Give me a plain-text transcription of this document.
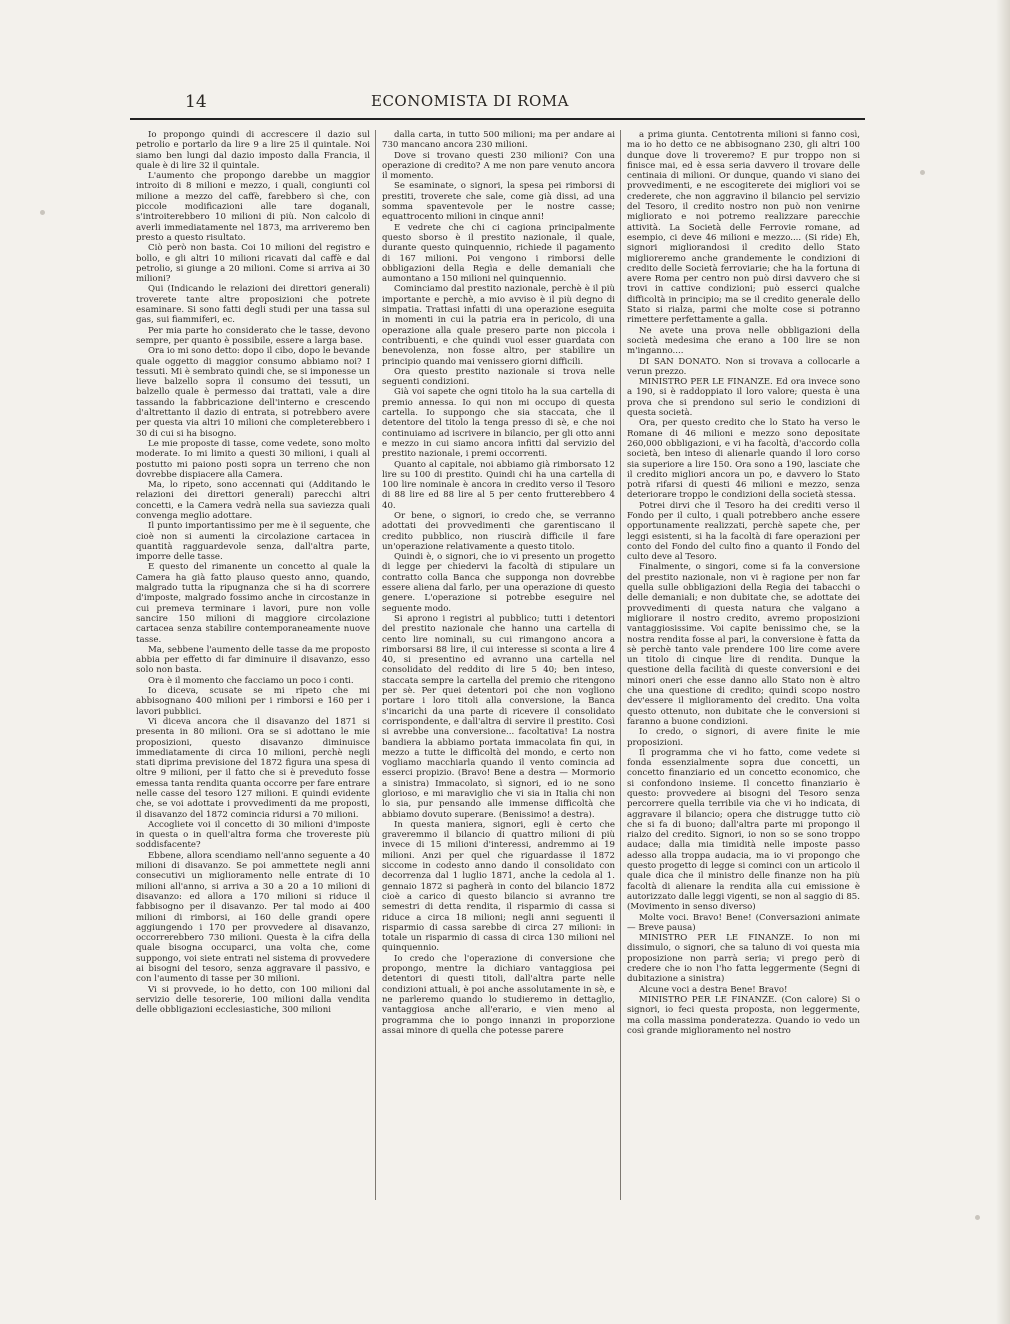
14	ECONOMISTA DI ROMA

Io propongo quindi di accrescere il dazio sul petrolio e portarlo da lire 9 a lire 25 il quintale. Noi siamo ben lungi dal dazio imposto dalla Francia, il quale è di lire 32 il quintale.

L'aumento che propongo darebbe un maggior introito di 8 milioni e mezzo, i quali, congiunti col milione a mezzo del caffè, farebbero sì che, con piccole modificazioni alle tare doganali, s'introiterebbero 10 milioni di più. Non calcolo di averli immediatamente nel 1873, ma arriveremo ben presto a questo risultato.

Ciò però non basta. Coi 10 milioni del registro e bollo, e gli altri 10 milioni ricavati dal caffè e dal petrolio, si giunge a 20 milioni. Come si arriva ai 30 milioni?

Qui (Indicando le relazioni dei direttori generali) troverete tante altre proposizioni che potrete esaminare. Si sono fatti degli studi per una tassa sul gas, sui fiammiferi, ec.

Per mia parte ho considerato che le tasse, devono sempre, per quanto è possibile, essere a larga base.

Ora io mi sono detto: dopo il cibo, dopo le bevande quale oggetto di maggior consumo abbiamo noi? I tessuti. Mi è sembrato quindi che, se si imponesse un lieve balzello sopra il consumo dei tessuti, un balzello quale è permesso dai trattati, vale a dire tassando la fabbricazione dell'interno e crescendo d'altrettanto il dazio di entrata, si potrebbero avere per questa via altri 10 milioni che completerebbero i 30 di cui si ha bisogno.

Le mie proposte di tasse, come vedete, sono molto moderate. Io mi limito a questi 30 milioni, i quali al postutto mi paiono posti sopra un terreno che non dovrebbe dispiacere alla Camera.

Ma, lo ripeto, sono accennati qui (Additando le relazioni dei direttori generali) parecchi altri concetti, e la Camera vedrà nella sua saviezza quali convenga meglio adottare.

Il punto importantissimo per me è il seguente, che cioè non si aumenti la circolazione cartacea in quantità ragguardevole senza, dall'altra parte, imporre delle tasse.

E questo del rimanente un concetto al quale la Camera ha già fatto plauso questo anno, quando, malgrado tutta la ripugnanza che si ha di scorrere d'imposte, malgrado fossimo anche in circostanze in cui premeva terminare i lavori, pure non volle sancire 150 milioni di maggiore circolazione cartacea senza stabilire contemporaneamente nuove tasse.

Ma, sebbene l'aumento delle tasse da me proposto abbia per effetto di far diminuire il disavanzo, esso solo non basta.

Ora è il momento che facciamo un poco i conti.

Io diceva, scusate se mi ripeto che mi abbisognano 400 milioni per i rimborsi e 160 per i lavori pubblici.

Vi diceva ancora che il disavanzo del 1871 si presenta in 80 milioni. Ora se si adottano le mie proposizioni, questo disavanzo diminuisce immediatamente di circa 10 milioni, perchè negli stati diprima previsione del 1872 figura una spesa di oltre 9 milioni, per il fatto che si è preveduto fosse emessa tanta rendita quanta occorre per fare entrare nelle casse del tesoro 127 milioni. E quindi evidente che, se voi adottate i provvedimenti da me proposti, il disavanzo del 1872 comincia ridursi a 70 milioni.

Accogliete voi il concetto di 30 milioni d'imposte in questa o in quell'altra forma che trovereste più soddisfacente?

Ebbene, allora scendiamo nell'anno seguente a 40 milioni di disavanzo. Se poi ammettete negli anni consecutivi un miglioramento nelle entrate di 10 milioni all'anno, si arriva a 30 a 20 a 10 milioni di disavanzo: ed allora a 170 milioni si riduce il fabbisogno per il disavanzo. Per tal modo ai 400 milioni di rimborsi, ai 160 delle grandi opere aggiungendo i 170 per provvedere al disavanzo, occorrerebbero 730 milioni. Questa è la cifra della quale bisogna occuparci, una volta che, come suppongo, voi siete entrati nel sistema di provvedere ai bisogni del tesoro, senza aggravare il passivo, e con l'aumento di tasse per 30 milioni.

Vi si provvede, io ho detto, con 100 milioni dal servizio delle tesorerie, 100 milioni dalla vendita delle obbligazioni ecclesiastiche, 300 milioni

dalla carta, in tutto 500 milioni; ma per andare ai 730 mancano ancora 230 milioni.

Dove si trovano questi 230 milioni? Con una operazione di credito? A me non pare venuto ancora il momento.

Se esaminate, o signori, la spesa pei rimborsi di prestiti, troverete che sale, come già dissi, ad una somma spaventevole per le nostre casse; equattrocento milioni in cinque anni!

E vedrete che chi ci cagiona principalmente questo sborso è il prestito nazionale, il quale, durante questo quinquennio, richiede il pagamento di 167 milioni. Poi vengono i rimborsi delle obbligazioni della Regìa e delle demaniali che aumontano a 150 milioni nel quinquennio.

Cominciamo dal prestito nazionale, perchè è il più importante e perchè, a mio avviso è il più degno di simpatia. Trattasi infatti di una operazione eseguita in momenti in cui la patria era in pericolo, di una operazione alla quale presero parte non piccola i contribuenti, e che quindi vuol esser guardata con benevolenza, non fosse altro, per stabilire un principio quando mai venissero giorni difficili.

Ora questo prestito nazionale si trova nelle seguenti condizioni.

Già voi sapete che ogni titolo ha la sua cartella di premio annessa. Io qui non mi occupo di questa cartella. Io suppongo che sia staccata, che il detentore del titolo la tenga presso di sè, e che noi continuiamo ad iscrivere in bilancio, per gli otto anni e mezzo in cui siamo ancora infitti dal servizio del prestito nazionale, i premi occorrenti.

Quanto al capitale, noi abbiamo già rimborsato 12 lire su 100 di prestito. Quindi chi ha una cartella di 100 lire nominale è ancora in credito verso il Tesoro di 88 lire ed 88 lire al 5 per cento frutterebbero 4 40.

Or bene, o signori, io credo che, se verranno adottati dei provvedimenti che garentiscano il credito pubblico, non riuscirà difficile il fare un'operazione relativamente a questo titolo.

Quindi è, o signori, che io vi presento un progetto di legge per chiedervi la facoltà di stipulare un contratto colla Banca che supponga non dovrebbe essere aliena dal farlo, per una operazione di questo genere. L'operazione si potrebbe eseguire nel seguente modo.

Si aprono i registri al pubblico; tutti i detentori del prestito nazionale che hanno una cartella di cento lire nominali, su cui rimangono ancora a rimborsarsi 88 lire, il cui interesse si sconta a lire 4 40, si presentino ed avranno una cartella nel consolidato del reddito di lire 5 40; ben inteso, staccata sempre la cartella del premio che ritengono per sè. Per quei detentori poi che non vogliono portare i loro titoli alla conversione, la Banca s'incarichi da una parte di ricevere il consolidato corrispondente, e dall'altra di servire il prestito. Così si avrebbe una conversione... facoltativa! La nostra bandiera la abbiamo portata immacolata fin qui, in mezzo a tutte le difficoltà del mondo, e certo non vogliamo macchiarla quando il vento comincia ad esserci propizio. (Bravo! Bene a destra — Mormorio a sinistra) Immacolato, sì signori, ed io ne sono glorioso, e mi maraviglio che vi sia in Italia chi non lo sia, pur pensando alle immense difficoltà che abbiamo dovuto superare. (Benissimo! a destra).

In questa maniera, signori, egli è certo che graveremmo il bilancio di quattro milioni di più invece di 15 milioni d'interessi, andremmo ai 19 milioni. Anzi per quel che riguardasse il 1872 siccome in codesto anno dando il consolidato con decorrenza dal 1 luglio 1871, anche la cedola al 1. gennaio 1872 si pagherà in conto del bilancio 1872 cioè a carico di questo bilancio si avranno tre semestri di detta rendita, il risparmio di cassa si riduce a circa 18 milioni; negli anni seguenti il risparmio di cassa sarebbe di circa 27 milioni: in totale un risparmio di cassa di circa 130 milioni nel quinquennio.

Io credo che l'operazione di conversione che propongo, mentre la dichiaro vantaggiosa pei detentori di questi titoli, dall'altra parte nelle condizioni attuali, è poi anche assolutamente in sè, e ne parleremo quando lo studieremo in dettaglio, vantaggiosa anche all'erario, e vien meno al programma che io pongo innanzi in proporzione assai minore di quella che potesse parere

a prima giunta. Centotrenta milioni si fanno così, ma io ho detto ce ne abbisognano 230, gli altri 100 dunque dove li troveremo? E pur troppo non si finisce mai, ed è essa seria davvero il trovare delle centinaia di milioni. Or dunque, quando vi siano dei provvedimenti, e ne escogiterete dei migliori voi se crederete, che non aggravino il bilancio pel servizio del Tesoro, il credito nostro non può non venirne migliorato e noi potremo realizzare parecchie attività. La Società delle Ferrovie romane, ad esempio, ci deve 46 milioni e mezzo.... (Si ride) Eh, signori migliorandosi il credito dello Stato miglioreremo anche grandemente le condizioni di credito delle Società ferroviarie; che ha la fortuna di avere Roma per centro non può dirsi davvero che si trovi in cattive condizioni; può esserci qualche difficoltà in principio; ma se il credito generale dello Stato si rialza, parmi che molte cose si potranno rimettere perfettamente a galla.

Ne avete una prova nelle obbligazioni della società medesima che erano a 100 lire se non m'inganno....

DI SAN DONATO. Non si trovava a collocarle a verun prezzo.

MINISTRO PER LE FINANZE. Ed ora invece sono a 190, si è raddoppiato il loro valore; questa è una prova che si prendono sul serio le condizioni di questa società.

Ora, per questo credito che lo Stato ha verso le Romane di 46 milioni e mezzo sono depositate 260,000 obbligazioni, e vi ha facoltà, d'accordo colla società, ben inteso di alienarle quando il loro corso sia superiore a lire 150. Ora sono a 190, lasciate che il credito migliori ancora un po, e davvero lo Stato potrà rifarsi di questi 46 milioni e mezzo, senza deteriorare troppo le condizioni della società stessa.

Potrei dirvi che il Tesoro ha dei crediti verso il Fondo per il culto, i quali potrebbero anche essere opportunamente realizzati, perchè sapete che, per leggi esistenti, si ha la facoltà di fare operazioni per conto del Fondo del culto fino a quanto il Fondo del culto deve al Tesoro.

Finalmente, o singori, come si fa la conversione del prestito nazionale, non vi è ragione per non far quella sulle obbligazioni della Regìa dei tabacchi o delle demaniali; e non dubitate che, se adottate dei provvedimenti di questa natura che valgano a migliorare il nostro credito, avremo proposizioni vantaggiosissime. Voi capite benissimo che, se la nostra rendita fosse al pari, la conversione è fatta da sè perchè tanto vale prendere 100 lire come avere un titolo di cinque lire di rendita. Dunque la questione della facilità di queste conversioni e dei minori oneri che esse danno allo Stato non è altro che una questione di credito; quindi scopo nostro dev'essere il miglioramento del credito. Una volta questo ottenuto, non dubitate che le conversioni si faranno a buone condizioni.

Io credo, o signori, di avere finite le mie proposizioni.

Il programma che vi ho fatto, come vedete si fonda essenzialmente sopra due concetti, un concetto finanziario ed un concetto economico, che si confondono insieme. Il concetto finanziario è questo: provvedere ai bisogni del Tesoro senza percorrere quella terribile via che vi ho indicata, di aggravare il bilancio; opera che distrugge tutto ciò che si fa di buono; dall'altra parte mi propongo il rialzo del credito. Signori, io non so se sono troppo audace; dalla mia timidità nelle imposte passo adesso alla troppa audacia, ma io vi propongo che questo progetto di legge si cominci con un articolo il quale dica che il ministro delle finanze non ha più facoltà di alienare la rendita alla cui emissione è autorizzato dalle leggi vigenti, se non al saggio di 85. (Movimento in senso diverso)

Molte voci. Bravo! Bene! (Conversazioni animate — Breve pausa)

MINISTRO PER LE FINANZE. Io non mi dissimulo, o signori, che sa taluno di voi questa mia proposizione non parrà seria; vi prego però di credere che io non l'ho fatta leggermente (Segni di dubitazione a sinistra)

Alcune voci a destra Bene! Bravo!

MINISTRO PER LE FINANZE. (Con calore) Si o signori, io feci questa proposta, non leggermente, ma colla massima ponderatezza. Quando io vedo un così grande miglioramento nel nostro
